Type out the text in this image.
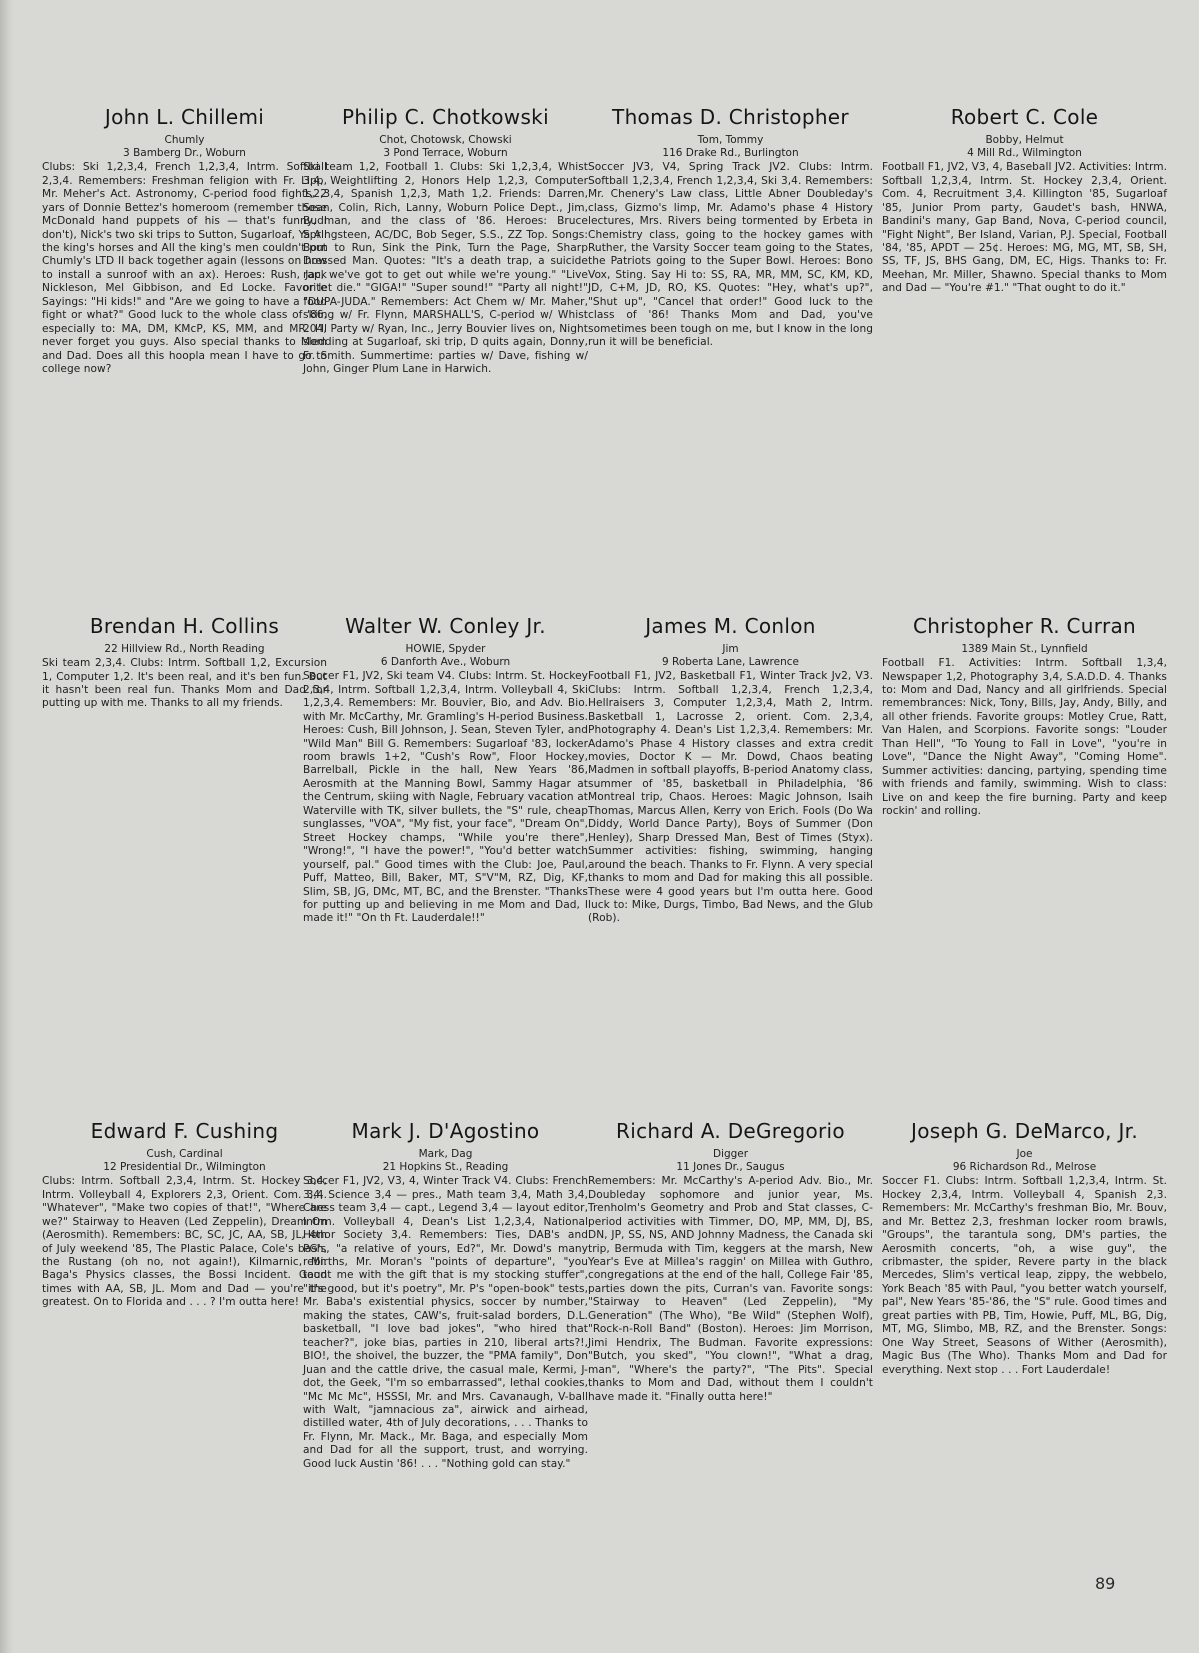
John L. Chillemi
Chumly
3 Bamberg Dr., Woburn
Clubs: Ski 1,2,3,4, French 1,2,3,4, Intrm. Softball 2,3,4. Remembers: Freshman feligion with Fr. Lipp, Mr. Meher's Act. Astronomy, C-period food fights, 2 yars of Donnie Bettez's homeroom (remember those McDonald hand puppets of his — that's funny, I don't), Nick's two ski trips to Sutton, Sugarloaf, Ya All the king's horses and All the king's men couldn't put Chumly's LTD II back together again (lessons on how to install a sunroof with an ax). Heroes: Rush, Jack Nickleson, Mel Gibbison, and Ed Locke. Favorite Sayings: "Hi kids!" and "Are we going to have a food fight or what?" Good luck to the whole class of '86, especially to: MA, DM, KMcP, KS, MM, and MR. I'll never forget you guys. Also special thanks to Mom and Dad. Does all this hoopla mean I have to go to college now?
Philip C. Chotkowski
Chot, Chotowsk, Chowski
3 Pond Terrace, Woburn
Ski team 1,2, Football 1. Clubs: Ski 1,2,3,4, Whist 3,4, Weightlifting 2, Honors Help 1,2,3, Computer 1,2,3,4, Spanish 1,2,3, Math 1,2. Friends: Darren, Sean, Colin, Rich, Lanny, Woburn Police Dept., Jim, Budman, and the class of '86. Heroes: Bruce Springsteen, AC/DC, Bob Seger, S.S., ZZ Top. Songs: Born to Run, Sink the Pink, Turn the Page, Sharp Dressed Man. Quotes: "It's a death trap, a suicide rap, we've got to get out while we're young." "Live or let die." "GIGA!" "Super sound!" "Party all night!" "DUPA-JUDA." Remembers: Act Chem w/ Mr. Maher, skiing w/ Fr. Flynn, MARSHALL'S, C-period w/ Whist 204, Party w/ Ryan, Inc., Jerry Bouvier lives on, Night sledding at Sugarloaf, ski trip, D quits again, Donny, Fr. Smith. Summertime: parties w/ Dave, fishing w/ John, Ginger Plum Lane in Harwich.
Thomas D. Christopher
Tom, Tommy
116 Drake Rd., Burlington
Soccer JV3, V4, Spring Track JV2. Clubs: Intrm. Softball 1,2,3,4, French 1,2,3,4, Ski 3,4. Remembers: Mr. Chenery's Law class, Little Abner Doubleday's class, Gizmo's limp, Mr. Adamo's phase 4 History lectures, Mrs. Rivers being tormented by Erbeta in Chemistry class, going to the hockey games with Ruther, the Varsity Soccer team going to the States, the Patriots going to the Super Bowl. Heroes: Bono Vox, Sting. Say Hi to: SS, RA, MR, MM, SC, KM, KD, JD, C+M, JD, RO, KS. Quotes: "Hey, what's up?", "Shut up", "Cancel that order!" Good luck to the class of '86! Thanks Mom and Dad, you've sometimes been tough on me, but I know in the long run it will be beneficial.
Robert C. Cole
Bobby, Helmut
4 Mill Rd., Wilmington
Football F1, JV2, V3, 4, Baseball JV2. Activities: Intrm. Softball 1,2,3,4, Intrm. St. Hockey 2,3,4, Orient. Com. 4, Recruitment 3,4. Killington '85, Sugarloaf '85, Junior Prom party, Gaudet's bash, HNWA, Bandini's many, Gap Band, Nova, C-period council, "Fight Night", Ber Island, Varian, P.J. Special, Football '84, '85, APDT — 25¢. Heroes: MG, MG, MT, SB, SH, SS, TF, JS, BHS Gang, DM, EC, Higs. Thanks to: Fr. Meehan, Mr. Miller, Shawno. Special thanks to Mom and Dad — "You're #1." "That ought to do it."
Brendan H. Collins
22 Hillview Rd., North Reading
Ski team 2,3,4. Clubs: Intrm. Softball 1,2, Excursion 1, Computer 1,2. It's been real, and it's ben fun. But it hasn't been real fun. Thanks Mom and Dad for putting up with me. Thanks to all my friends.
Walter W. Conley Jr.
HOWIE, Spyder
6 Danforth Ave., Woburn
Soccer F1, JV2, Ski team V4. Clubs: Intrm. St. Hockey 2,3,4, Intrm. Softball 1,2,3,4, Intrm. Volleyball 4, Ski 1,2,3,4. Remembers: Mr. Bouvier, Bio, and Adv. Bio. with Mr. McCarthy, Mr. Gramling's H-period Business. Heroes: Cush, Bill Johnson, J. Sean, Steven Tyler, and "Wild Man" Bill G. Remembers: Sugarloaf '83, locker room brawls 1+2, "Cush's Row", Floor Hockey, Barrelball, Pickle in the hall, New Years '86, Aerosmith at the Manning Bowl, Sammy Hagar at the Centrum, skiing with Nagle, February vacation at Waterville with TK, silver bullets, the "S" rule, cheap sunglasses, "VOA", "My fist, your face", "Dream On", Street Hockey champs, "While you're there", "Wrong!", "I have the power!", "You'd better watch yourself, pal." Good times with the Club: Joe, Paul, Puff, Matteo, Bill, Baker, MT, S"V"M, RZ, Dig, KF, Slim, SB, JG, DMc, MT, BC, and the Brenster. "Thanks for putting up and believing in me Mom and Dad, I made it!" "On th Ft. Lauderdale!!"
James M. Conlon
Jim
9 Roberta Lane, Lawrence
Football F1, JV2, Basketball F1, Winter Track Jv2, V3. Clubs: Intrm. Softball 1,2,3,4, French 1,2,3,4, Hellraisers 3, Computer 1,2,3,4, Math 2, Intrm. Basketball 1, Lacrosse 2, orient. Com. 2,3,4, Photography 4. Dean's List 1,2,3,4. Remembers: Mr. Adamo's Phase 4 History classes and extra credit movies, Doctor K — Mr. Dowd, Chaos beating Madmen in softball playoffs, B-period Anatomy class, summer of '85, basketball in Philadelphia, '86 Montreal trip, Chaos. Heroes: Magic Johnson, Isaih Thomas, Marcus Allen, Kerry von Erich. Fools (Do Wa Diddy, World Dance Party), Boys of Summer (Don Henley), Sharp Dressed Man, Best of Times (Styx). Summer activities: fishing, swimming, hanging around the beach. Thanks to Fr. Flynn. A very special thanks to mom and Dad for making this all possible. These were 4 good years but I'm outta here. Good luck to: Mike, Durgs, Timbo, Bad News, and the Glub (Rob).
Christopher R. Curran
1389 Main St., Lynnfield
Football F1. Activities: Intrm. Softball 1,3,4, Newspaper 1,2, Photography 3,4, S.A.D.D. 4. Thanks to: Mom and Dad, Nancy and all girlfriends. Special remembrances: Nick, Tony, Bills, Jay, Andy, Billy, and all other friends. Favorite groups: Motley Crue, Ratt, Van Halen, and Scorpions. Favorite songs: "Louder Than Hell", "To Young to Fall in Love", "you're in Love", "Dance the Night Away", "Coming Home". Summer activities: dancing, partying, spending time with friends and family, swimming. Wish to class: Live on and keep the fire burning. Party and keep rockin' and rolling.
Edward F. Cushing
Cush, Cardinal
12 Presidential Dr., Wilmington
Clubs: Intrm. Softball 2,3,4, Intrm. St. Hockey 3,4, Intrm. Volleyball 4, Explorers 2,3, Orient. Com. 3,4. "Whatever", "Make two copies of that!", "Where are we?" Stairway to Heaven (Led Zeppelin), Dream On (Aerosmith). Remembers: BC, SC, JC, AA, SB, JL, 4th of July weekend '85, The Plastic Palace, Cole's bash, the Rustang (oh no, not again!), Kilmarnic, Mr. Baga's Physics classes, the Bossi Incident. Good times with AA, SB, JL. Mom and Dad — you're the greatest. On to Florida and . . . ? I'm outta here!
Mark J. D'Agostino
Mark, Dag
21 Hopkins St., Reading
Soccer F1, JV2, V3, 4, Winter Track V4. Clubs: French 3,4, Science 3,4 — pres., Math team 3,4, Math 3,4, Chess team 3,4 — capt., Legend 3,4 — layout editor, Intrm. Volleyball 4, Dean's List 1,2,3,4, National Honor Society 3,4. Remembers: Ties, DAB's and PG's, "a relative of yours, Ed?", Mr. Dowd's many rebirths, Mr. Moran's "points of departure", "you taunt me with the gift that is my stocking stuffer", "it's good, but it's poetry", Mr. P's "open-book" tests, Mr. Baba's existential physics, soccer by number, making the states, CAW's, fruit-salad borders, D.L. basketball, "I love bad jokes", "who hired that teacher?", joke bias, parties in 210, liberal arts?!, BIO!, the shoivel, the buzzer, the "PMA family", Don Juan and the cattle drive, the casual male, Kermi, J-dot, the Geek, "I'm so embarrassed", lethal cookies, "Mc Mc Mc", HSSSI, Mr. and Mrs. Cavanaugh, V-ball with Walt, "jamnacious za", airwick and airhead, distilled water, 4th of July decorations, . . . Thanks to Fr. Flynn, Mr. Mack., Mr. Baga, and especially Mom and Dad for all the support, trust, and worrying. Good luck Austin '86! . . . "Nothing gold can stay."
Richard A. DeGregorio
Digger
11 Jones Dr., Saugus
Remembers: Mr. McCarthy's A-period Adv. Bio., Mr. Doubleday sophomore and junior year, Ms. Trenholm's Geometry and Prob and Stat classes, C-period activities with Timmer, DO, MP, MM, DJ, BS, DN, JP, SS, NS, AND Johnny Madness, the Canada ski trip, Bermuda with Tim, keggers at the marsh, New Year's Eve at Millea's raggin' on Millea with Guthro, congregations at the end of the hall, College Fair '85, parties down the pits, Curran's van. Favorite songs: "Stairway to Heaven" (Led Zeppelin), "My Generation" (The Who), "Be Wild" (Stephen Wolf), "Rock-n-Roll Band" (Boston). Heroes: Jim Morrison, Jimi Hendrix, The Budman. Favorite expressions: "Butch, you sked", "You clown!", "What a drag, man", "Where's the party?", "The Pits". Special thanks to Mom and Dad, without them I couldn't have made it. "Finally outta here!"
Joseph G. DeMarco, Jr.
Joe
96 Richardson Rd., Melrose
Soccer F1. Clubs: Intrm. Softball 1,2,3,4, Intrm. St. Hockey 2,3,4, Intrm. Volleyball 4, Spanish 2,3. Remembers: Mr. McCarthy's freshman Bio, Mr. Bouv, and Mr. Bettez 2,3, freshman locker room brawls, "Groups", the tarantula song, DM's parties, the Aerosmith concerts, "oh, a wise guy", the cribmaster, the spider, Revere party in the black Mercedes, Slim's vertical leap, zippy, the webbelo, York Beach '85 with Paul, "you better watch yourself, pal", New Years '85-'86, the "S" rule. Good times and great parties with PB, Tim, Howie, Puff, ML, BG, Dig, MT, MG, Slimbo, MB, RZ, and the Brenster. Songs: One Way Street, Seasons of Wither (Aerosmith), Magic Bus (The Who). Thanks Mom and Dad for everything. Next stop . . . Fort Lauderdale!
89
